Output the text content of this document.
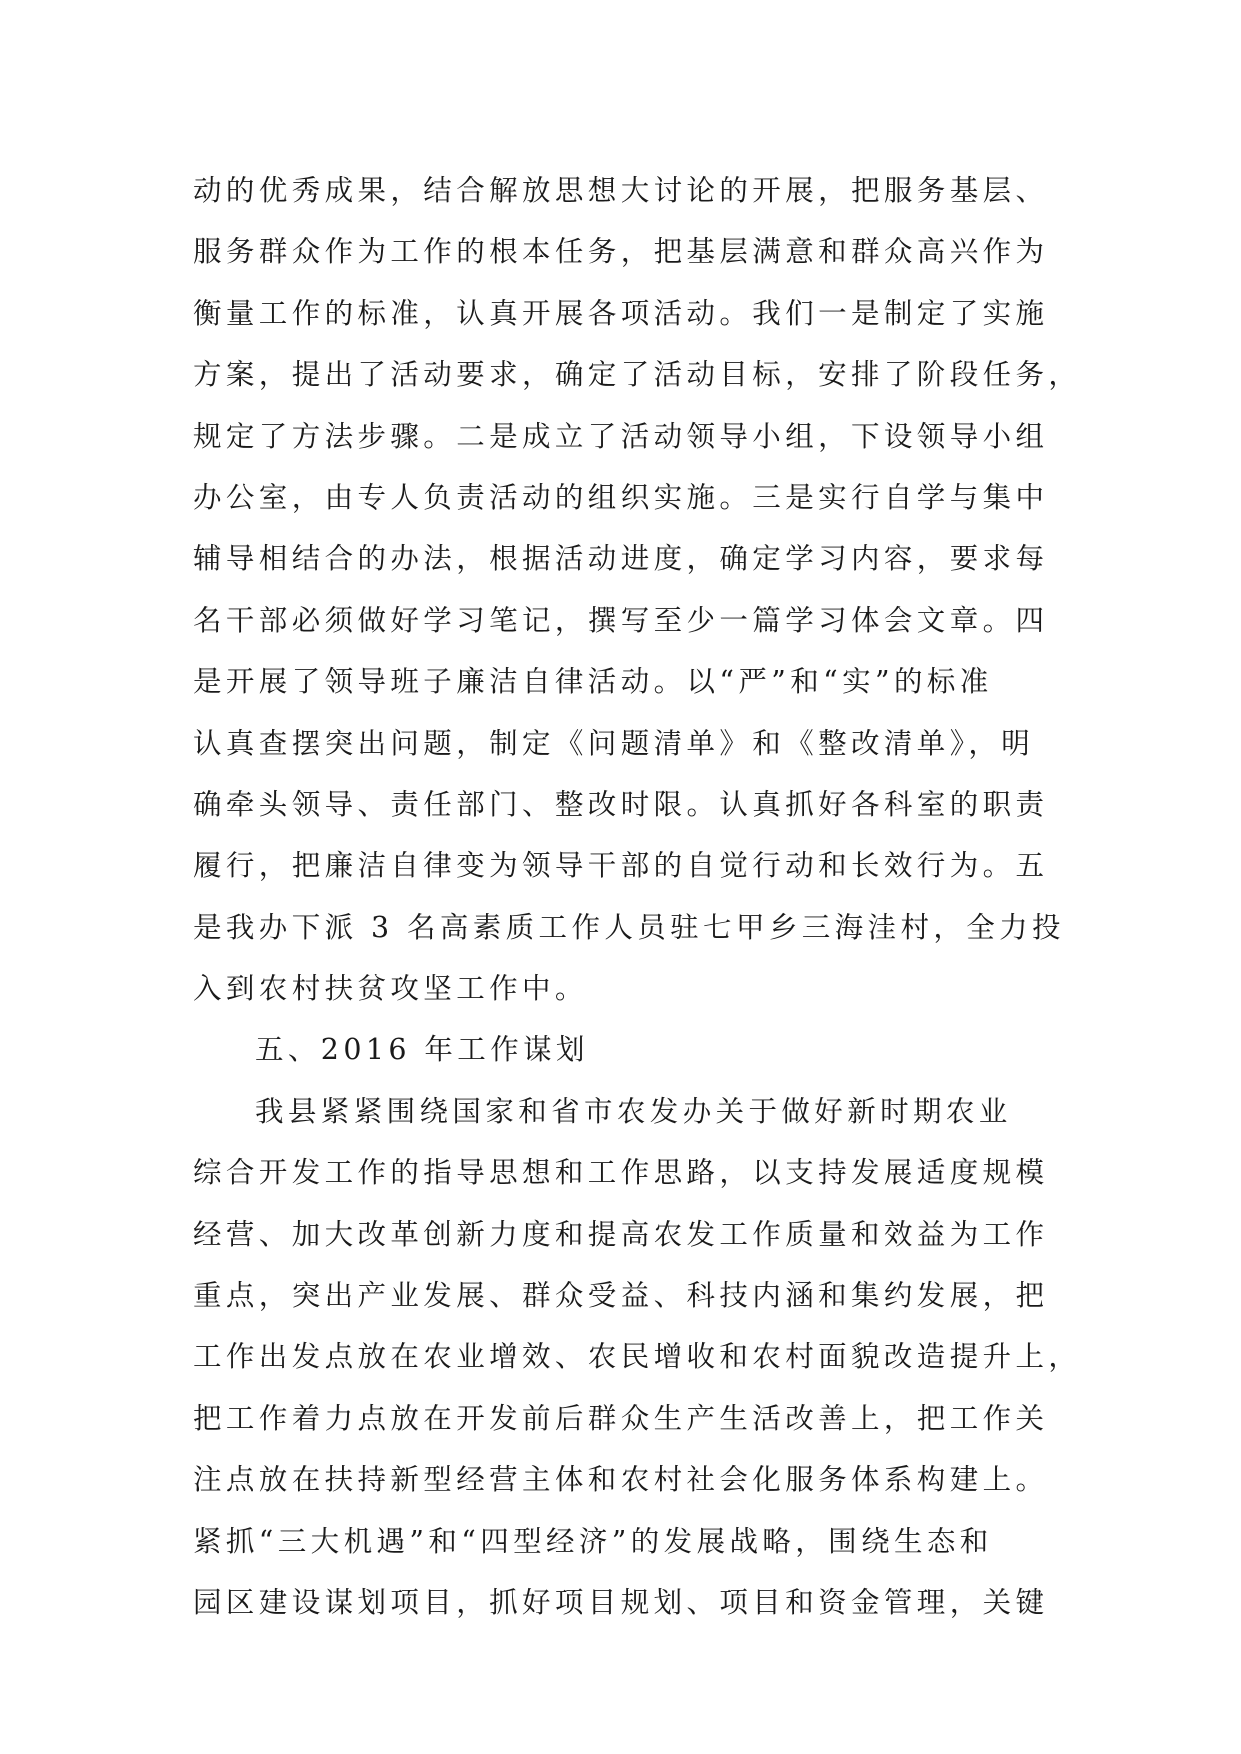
动的优秀成果，结合解放思想大讨论的开展，把服务基层、
服务群众作为工作的根本任务，把基层满意和群众高兴作为
衡量工作的标准，认真开展各项活动。我们一是制定了实施
方案，提出了活动要求，确定了活动目标，安排了阶段任务，
规定了方法步骤。二是成立了活动领导小组，下设领导小组
办公室，由专人负责活动的组织实施。三是实行自学与集中
辅导相结合的办法，根据活动进度，确定学习内容，要求每
名干部必须做好学习笔记，撰写至少一篇学习体会文章。四
是开展了领导班子廉洁自律活动。以“严”和“实”的标准
认真查摆突出问题，制定《问题清单》和《整改清单》，明
确牵头领导、责任部门、整改时限。认真抓好各科室的职责
履行，把廉洁自律变为领导干部的自觉行动和长效行为。五
是我办下派 3 名高素质工作人员驻七甲乡三海洼村，全力投
入到农村扶贫攻坚工作中。
五、2016 年工作谋划
我县紧紧围绕国家和省市农发办关于做好新时期农业
综合开发工作的指导思想和工作思路，以支持发展适度规模
经营、加大改革创新力度和提高农发工作质量和效益为工作
重点，突出产业发展、群众受益、科技内涵和集约发展，把
工作出发点放在农业增效、农民增收和农村面貌改造提升上，
把工作着力点放在开发前后群众生产生活改善上，把工作关
注点放在扶持新型经营主体和农村社会化服务体系构建上。
紧抓“三大机遇”和“四型经济”的发展战略，围绕生态和
园区建设谋划项目，抓好项目规划、项目和资金管理，关键
